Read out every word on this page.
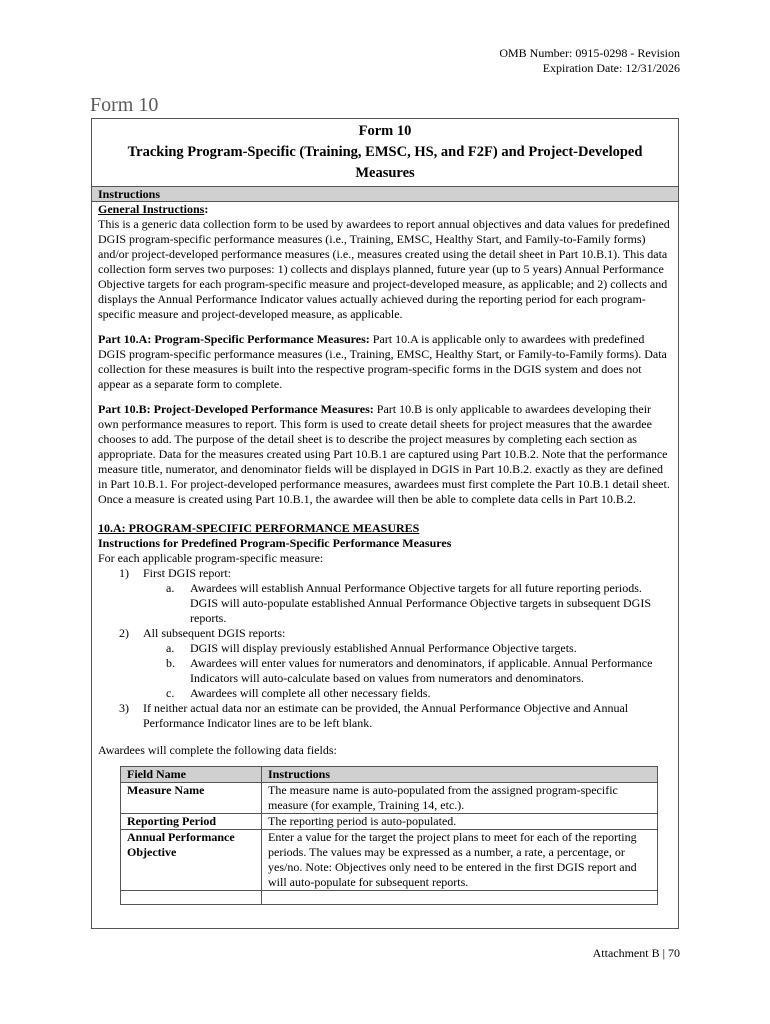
OMB Number: 0915-0298 - Revision
Expiration Date: 12/31/2026
Form 10
Form 10
Tracking Program-Specific (Training, EMSC, HS, and F2F) and Project-Developed Measures
Instructions

General Instructions:

This is a generic data collection form to be used by awardees to report annual objectives and data values for predefined DGIS program-specific performance measures (i.e., Training, EMSC, Healthy Start, and Family-to-Family forms) and/or project-developed performance measures (i.e., measures created using the detail sheet in Part 10.B.1). This data collection form serves two purposes: 1) collects and displays planned, future year (up to 5 years) Annual Performance Objective targets for each program-specific measure and project-developed measure, as applicable; and 2) collects and displays the Annual Performance Indicator values actually achieved during the reporting period for each program-specific measure and project-developed measure, as applicable.

Part 10.A: Program-Specific Performance Measures: Part 10.A is applicable only to awardees with predefined DGIS program-specific performance measures (i.e., Training, EMSC, Healthy Start, or Family-to-Family forms). Data collection for these measures is built into the respective program-specific forms in the DGIS system and does not appear as a separate form to complete.

Part 10.B: Project-Developed Performance Measures: Part 10.B is only applicable to awardees developing their own performance measures to report. This form is used to create detail sheets for project measures that the awardee chooses to add. The purpose of the detail sheet is to describe the project measures by completing each section as appropriate. Data for the measures created using Part 10.B.1 are captured using Part 10.B.2. Note that the performance measure title, numerator, and denominator fields will be displayed in DGIS in Part 10.B.2. exactly as they are defined in Part 10.B.1. For project-developed performance measures, awardees must first complete the Part 10.B.1 detail sheet. Once a measure is created using Part 10.B.1, the awardee will then be able to complete data cells in Part 10.B.2.

10.A: PROGRAM-SPECIFIC PERFORMANCE MEASURES

Instructions for Predefined Program-Specific Performance Measures

For each applicable program-specific measure:

1) First DGIS report:
a. Awardees will establish Annual Performance Objective targets for all future reporting periods. DGIS will auto-populate established Annual Performance Objective targets in subsequent DGIS reports.
2) All subsequent DGIS reports:
a. DGIS will display previously established Annual Performance Objective targets.
b. Awardees will enter values for numerators and denominators, if applicable. Annual Performance Indicators will auto-calculate based on values from numerators and denominators.
c. Awardees will complete all other necessary fields.
3) If neither actual data nor an estimate can be provided, the Annual Performance Objective and Annual Performance Indicator lines are to be left blank.

Awardees will complete the following data fields:

Field Name	Instructions
Measure Name	The measure name is auto-populated from the assigned program-specific measure (for example, Training 14, etc.).
Reporting Period	The reporting period is auto-populated.
Annual Performance Objective	Enter a value for the target the project plans to meet for each of the reporting periods. The values may be expressed as a number, a rate, a percentage, or yes/no. Note: Objectives only need to be entered in the first DGIS report and will auto-populate for subsequent reports.

Attachment B | 70
